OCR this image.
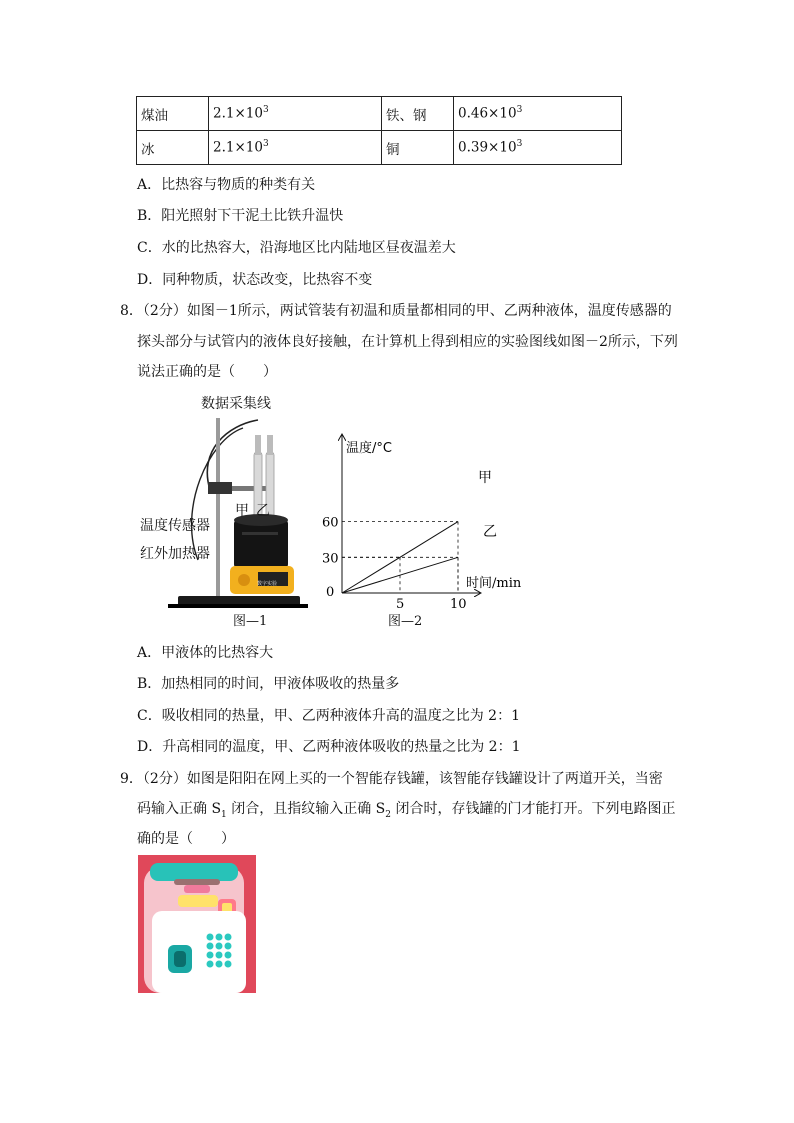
煤油	$2.1\times 10^3$	铁、钢	$0.46\times 10^3$
冰	$2.1\times 10^3$	铜	$0.39\times 10^3$
A．比热容与物质的种类有关
B．阳光照射下干泥土比铁升温快
C．水的比热容大，沿海地区比内陆地区昼夜温差大
D．同种物质，状态改变，比热容不变
8．（2分）如图－1所示，两试管装有初温和质量都相同的甲、乙两种液体，温度传感器的
探头部分与试管内的液体良好接触，在计算机上得到相应的实验图线如图－2所示，下列
说法正确的是（　　）
数字实验
数据采集线
甲 乙
温度传感器
红外加热器
图—1
30
60
5	10
温度/°C
时间/min
0
甲
乙
图—2
A．甲液体的比热容大
B．加热相同的时间，甲液体吸收的热量多
C．吸收相同的热量，甲、乙两种液体升高的温度之比为 2：1
D．升高相同的温度，甲、乙两种液体吸收的热量之比为 2：1
9．（2分）如图是阳阳在网上买的一个智能存钱罐，该智能存钱罐设计了两道开关，当密
码输入正确 $S_1$ 闭合，且指纹输入正确 $S_2$ 闭合时，存钱罐的门才能打开。下列电路图正
确的是（　　）
